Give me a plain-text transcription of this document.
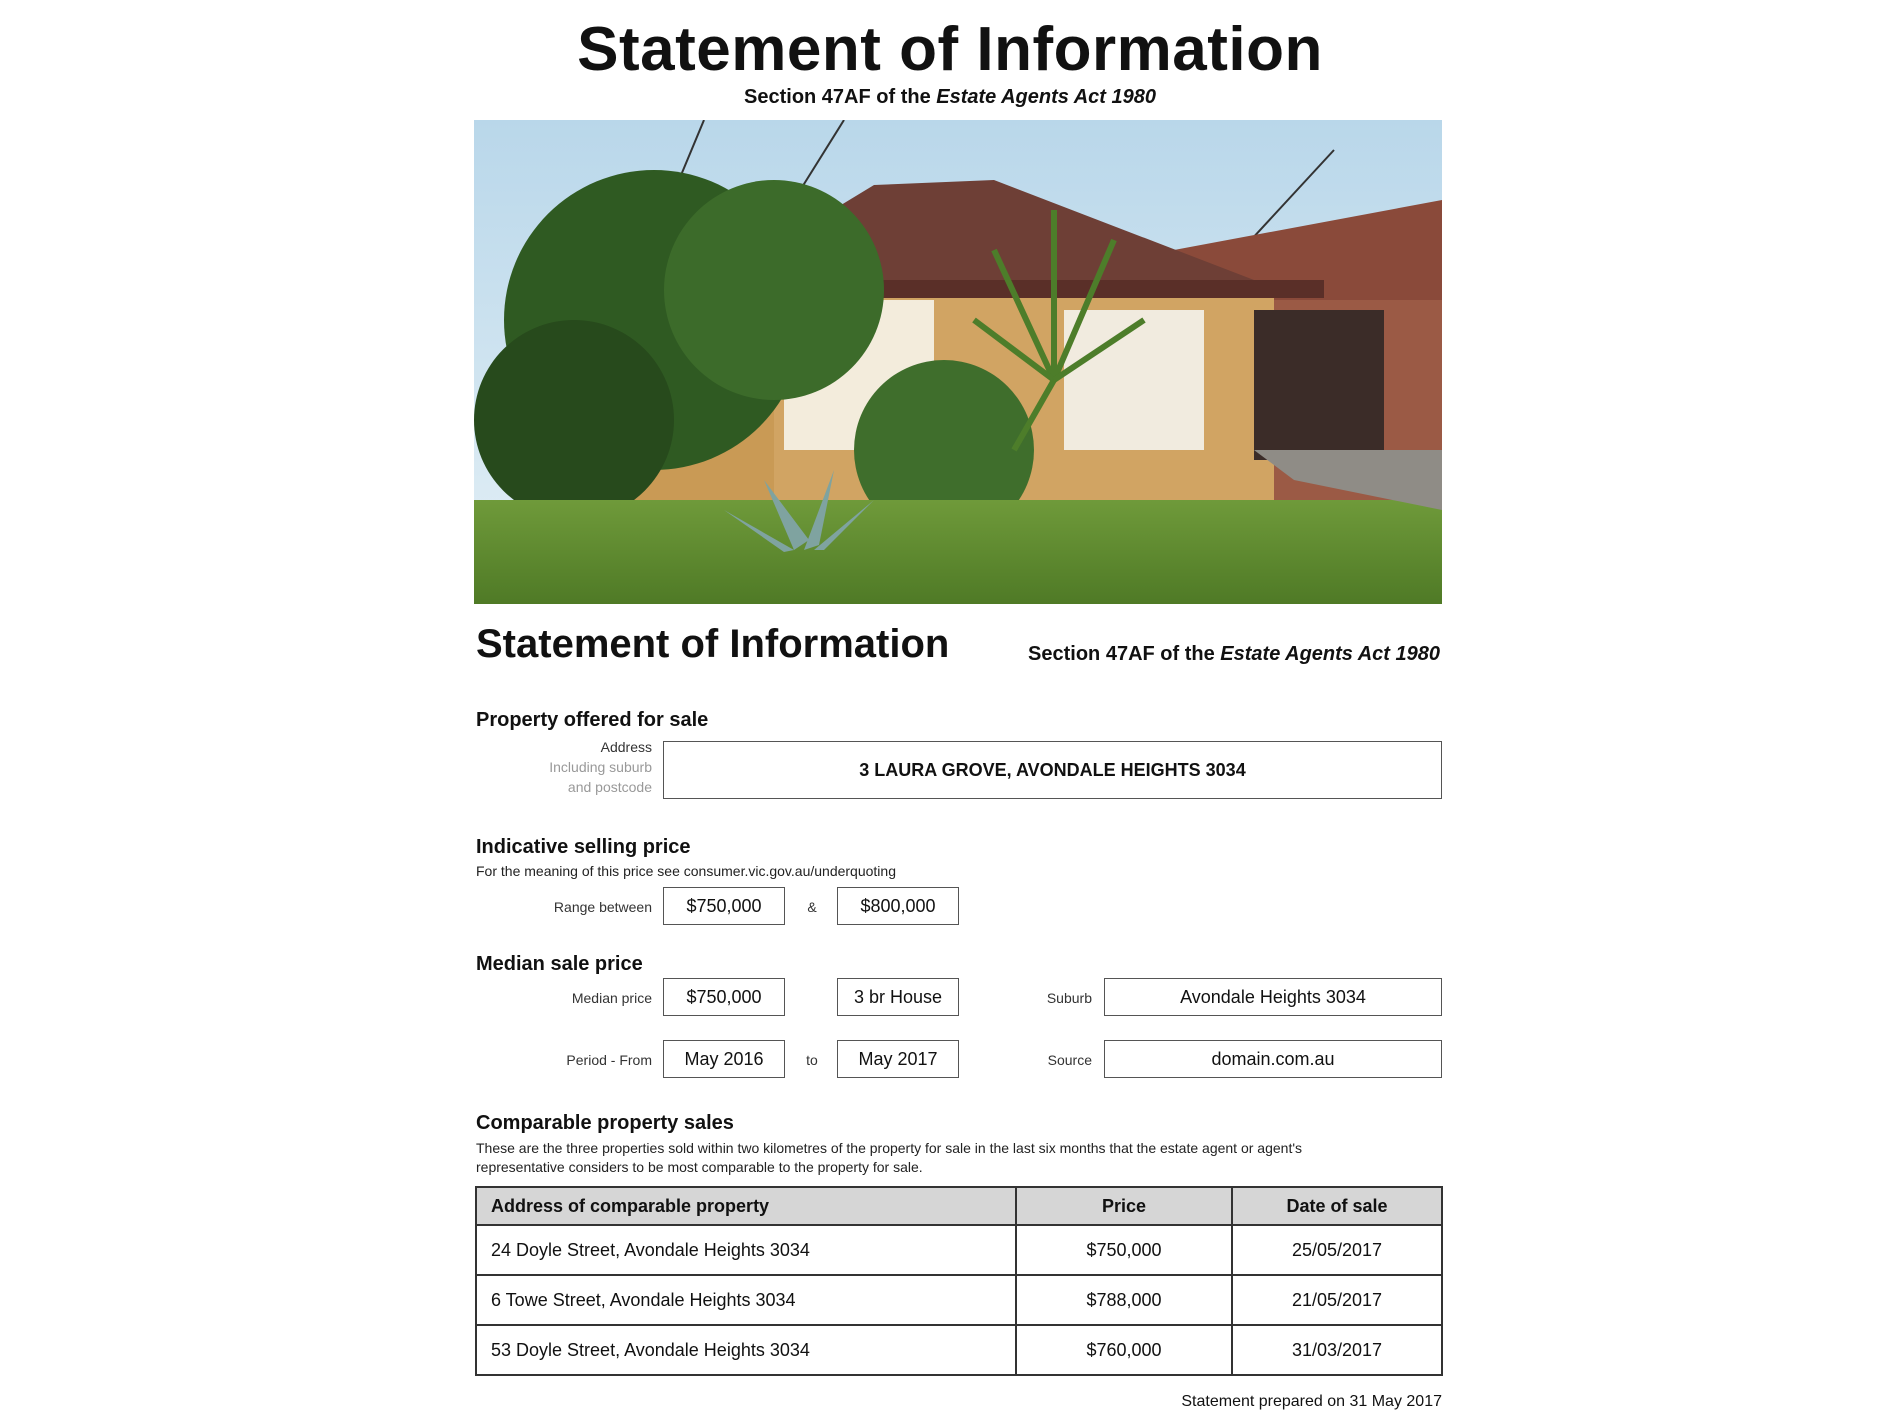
Statement of Information
Section 47AF of the Estate Agents Act 1980
Statement of Information	Section 47AF of the Estate Agents Act 1980
Property offered for sale
Address
Including suburb
and postcode
3 LAURA GROVE, AVONDALE HEIGHTS 3034
Indicative selling price
For the meaning of this price see consumer.vic.gov.au/underquoting
Range between	$750,000	&	$800,000
Median sale price
Median price	$750,000	3 br House	Suburb	Avondale Heights 3034
Period - From	May 2016	to	May 2017	Source	domain.com.au
Comparable property sales
These are the three properties sold within two kilometres of the property for sale in the last six months that the estate agent or agent's
representative considers to be most comparable to the property for sale.
Address of comparable property	Price	Date of sale
24 Doyle Street, Avondale Heights 3034	$750,000	25/05/2017
6 Towe Street, Avondale Heights 3034	$788,000	21/05/2017
53 Doyle Street, Avondale Heights 3034	$760,000	31/03/2017
Statement prepared on 31 May 2017
